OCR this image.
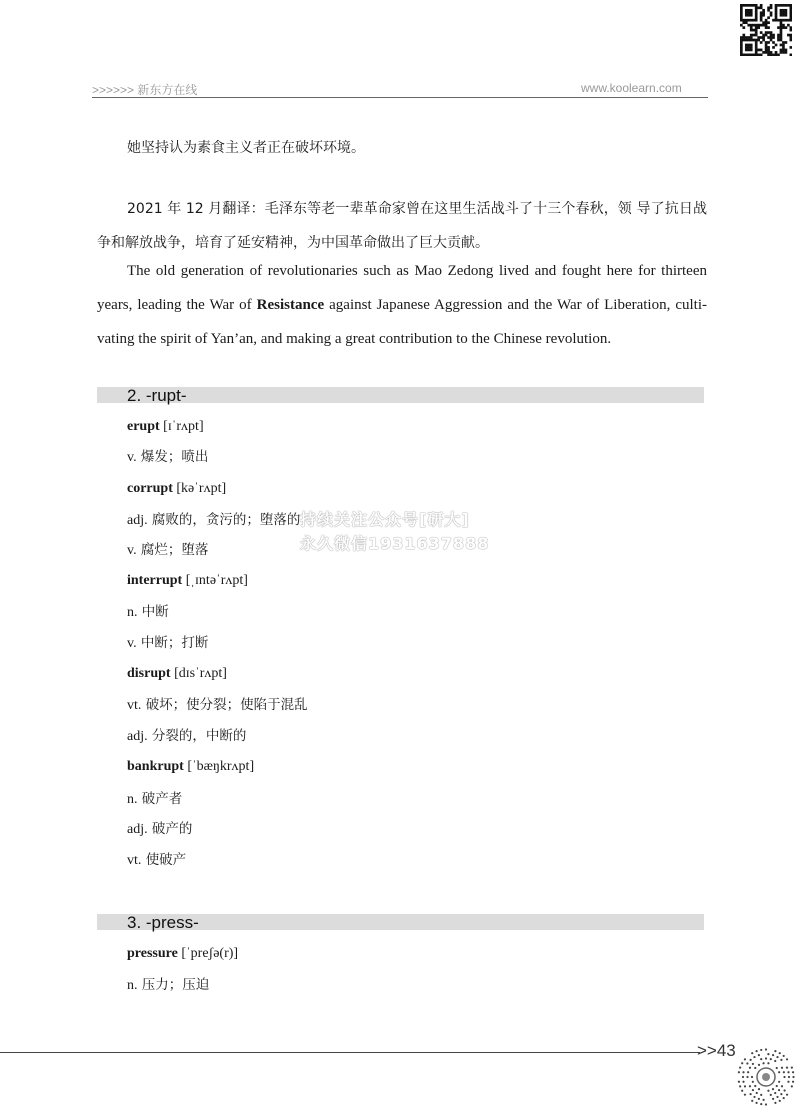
>>>>>> 新东方在线	www.koolearn.com
她坚持认为素食主义者正在破坏环境。
2021 年 12 月翻译：毛泽东等老一辈革命家曾在这里生活战斗了十三个春秋，领 导了抗日战争和解放战争，培育了延安精神，为中国革命做出了巨大贡献。
The old generation of revolutionaries such as Mao Zedong lived and fought here for thirteen years, leading the War of Resistance against Japanese Aggression and the War of Liberation, culti-vating the spirit of Yan’an, and making a great contribution to the Chinese revolution.
2. -rupt-
erupt [ɪˈrʌpt]
v. 爆发；喷出
corrupt [kəˈrʌpt]
adj. 腐败的，贪污的；堕落的
v. 腐烂；堕落
interrupt [ˌɪntəˈrʌpt]
n. 中断
v. 中断；打断
disrupt [dɪsˈrʌpt]
vt. 破坏；使分裂；使陷于混乱
adj. 分裂的，中断的
bankrupt [ˈbæŋkrʌpt]
n. 破产者
adj. 破产的
vt. 使破产
3. -press-
pressure [ˈpreʃə(r)]
n. 压力；压迫
持续关注公众号[研大]
永久微信1931637888
>>43
